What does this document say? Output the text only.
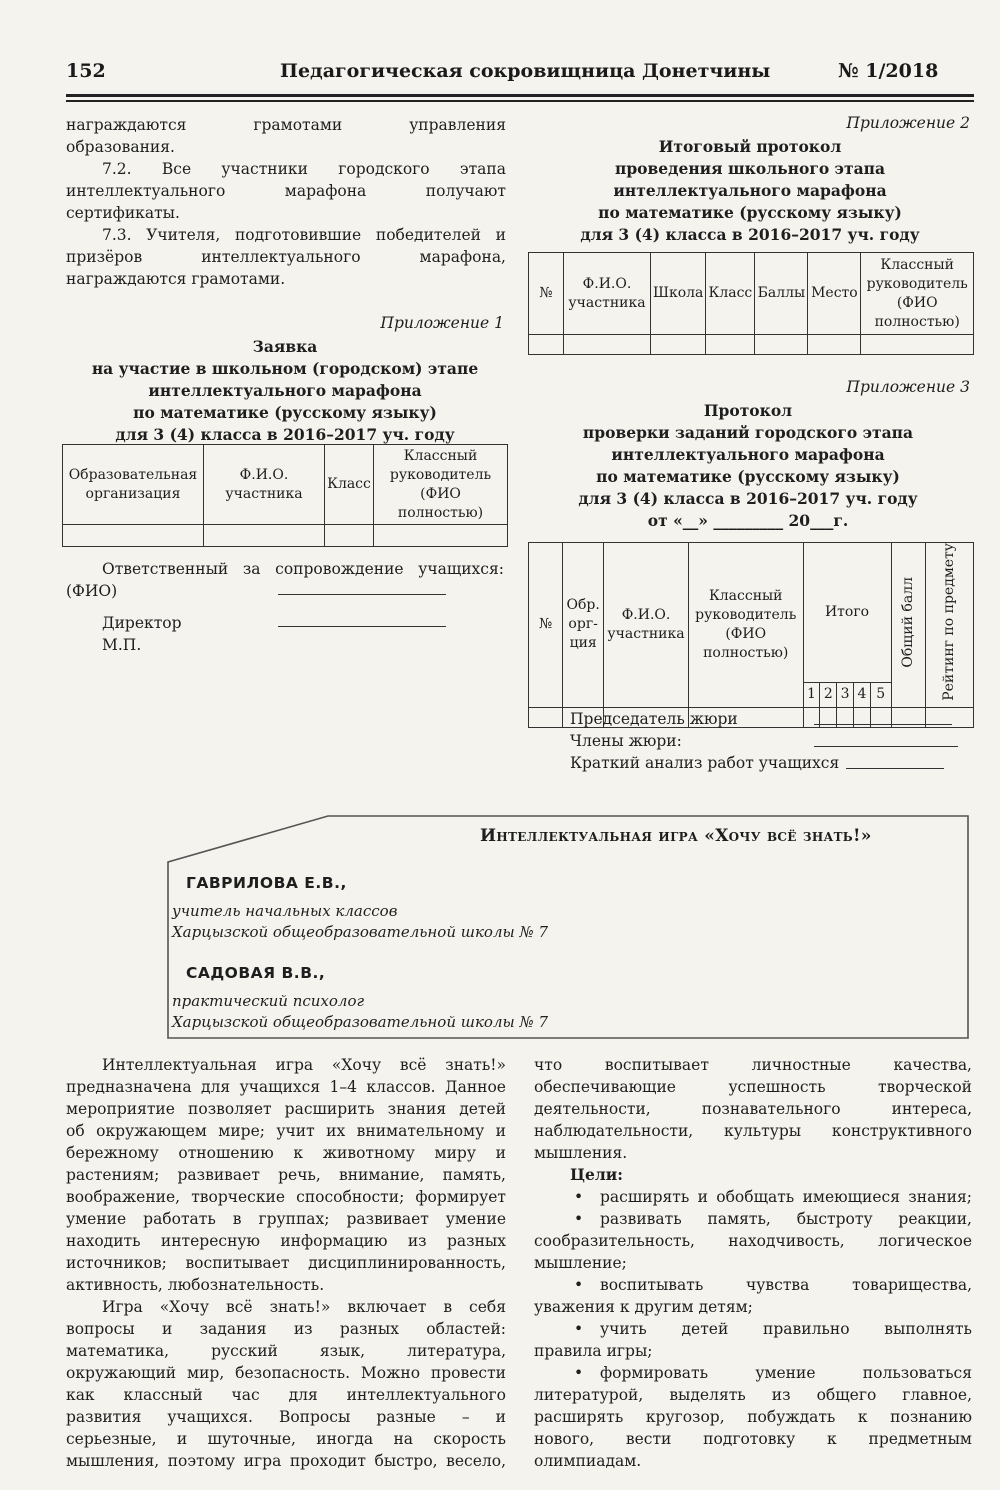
152	Педагогическая сокровищница Донетчины	№ 1/2018

награждаются грамотами управления

образования.

7.2. Все участники городского этапа

интеллектуального марафона получают

сертификаты.

7.3. Учителя, подготовившие победителей и

призёров интеллектуального марафона,

награждаются грамотами.

Приложение 1
Заявка
на участие в школьном (городском) этапе
интеллектуального марафона
по математике (русскому языку)
для 3 (4) класса в 2016–2017 уч. году
Образовательная организация	Ф.И.О. участника	Класс	Классный руководитель (ФИО полностью)

Ответственный за сопровождение учащихся:
(ФИО)
Директор
М.П.
Приложение 2
Итоговый протокол
проведения школьного этапа
интеллектуального марафона
по математике (русскому языку)
для 3 (4) класса в 2016–2017 уч. году
№	Ф.И.О. участника	Школа	Класс	Баллы	Место	Классный руководитель (ФИО полностью)

Приложение 3
Протокол
проверки заданий городского этапа
интеллектуального марафона
по математике (русскому языку)
для 3 (4) класса в 2016–2017 уч. году
от «__» _________ 20___г.
№	Обр. орг-ция	Ф.И.О. участника	Классный руководитель (ФИО полностью)	Итого					Общий балл	Рейтинг по предмету
				1	2	3	4	5		

Председатель жюри
Члены жюри:
Краткий анализ работ учащихся
Интеллектуальная игра «Хочу всё знать!»
ГАВРИЛОВА Е.В.,
учитель начальных классов
Харцызской общеобразовательной школы № 7
САДОВАЯ В.В.,
практический психолог
Харцызской общеобразовательной школы № 7

Интеллектуальная игра «Хочу всё знать!»

предназначена для учащихся 1–4 классов. Данное

мероприятие позволяет расширить знания детей

об окружающем мире; учит их внимательному и

бережному отношению к животному миру и

растениям; развивает речь, внимание, память,

воображение, творческие способности; формирует

умение работать в группах; развивает умение

находить интересную информацию из разных

источников; воспитывает дисциплинированность,

активность, любознательность.

Игра «Хочу всё знать!» включает в себя

вопросы и задания из разных областей:

математика, русский язык, литература,

окружающий мир, безопасность. Можно провести

как классный час для интеллектуального

развития учащихся. Вопросы разные – и

серьезные, и шуточные, иногда на скорость

мышления, поэтому игра проходит быстро, весело,

что воспитывает личностные качества,

обеспечивающие успешность творческой

деятельности, познавательного интереса,

наблюдательности, культуры конструктивного

мышления.

Цели:

•	расширять и обобщать имеющиеся знания;

• развивать память, быстроту реакции,

сообразительность, находчивость, логическое

мышление;

• воспитывать чувства товарищества,

уважения к другим детям;

• учить детей правильно выполнять

правила игры;

• формировать умение пользоваться

литературой, выделять из общего главное,

расширять кругозор, побуждать к познанию

нового, вести подготовку к предметным

олимпиадам.
